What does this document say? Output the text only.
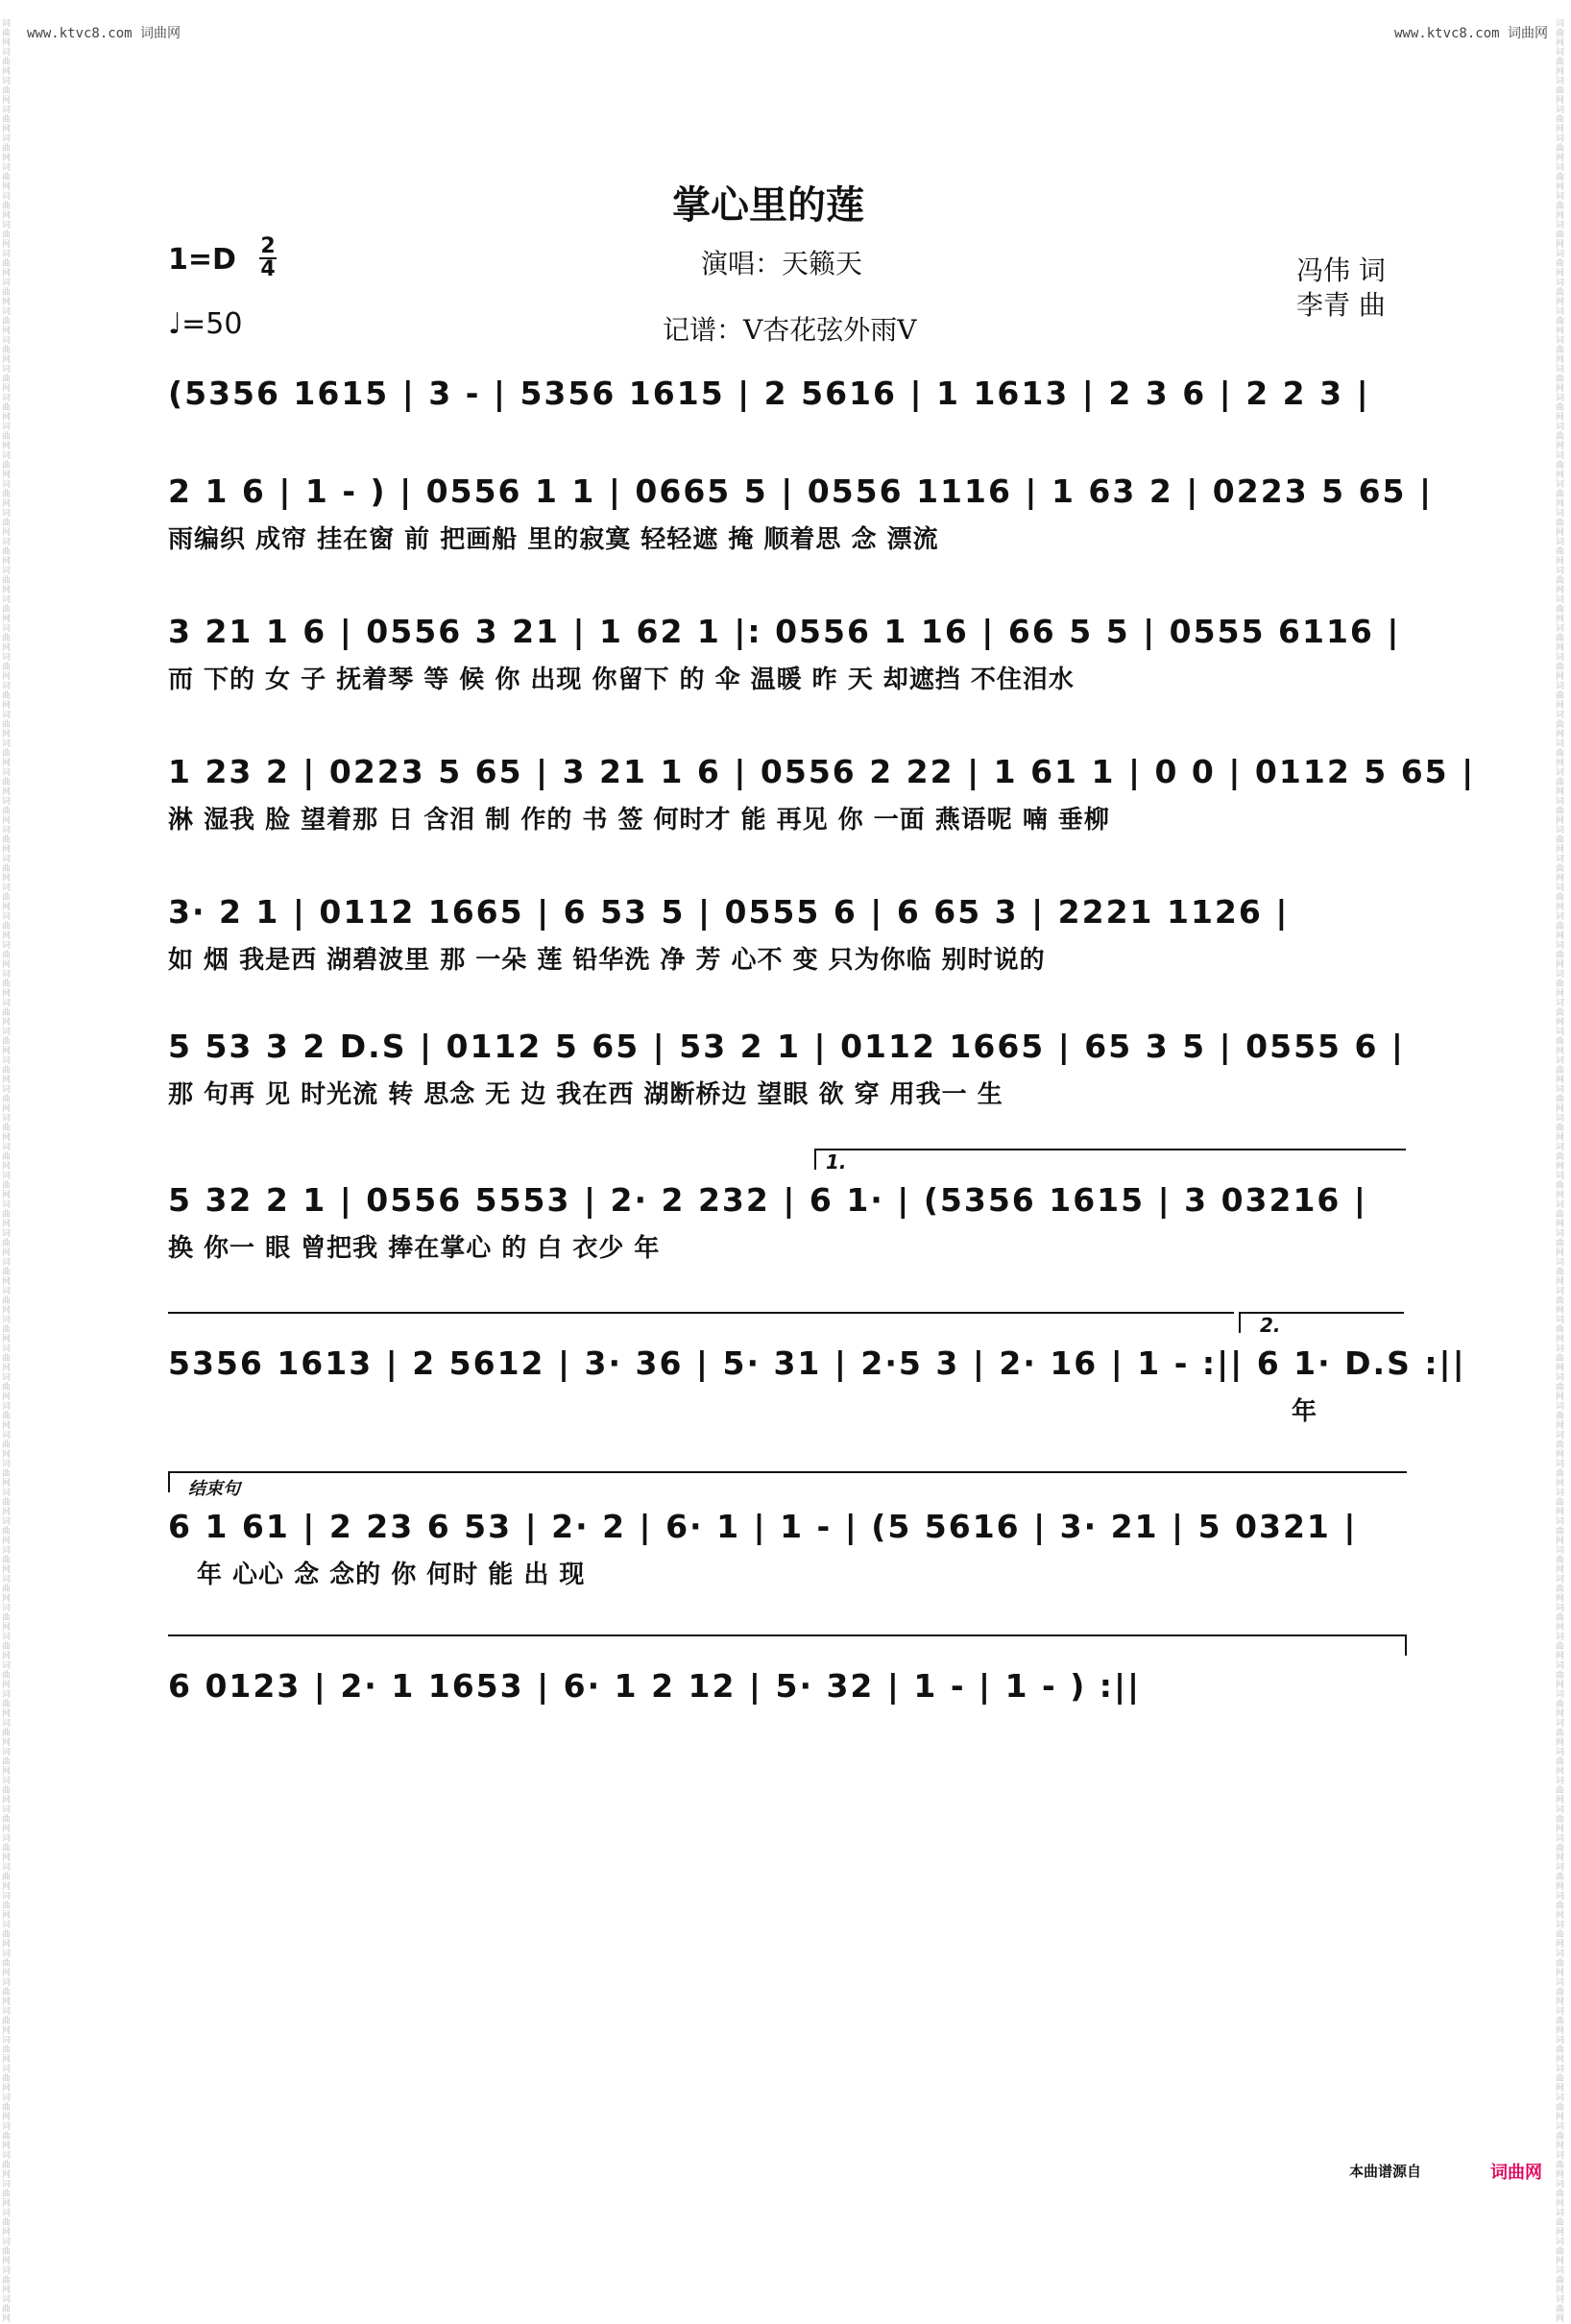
www.ktvc8.com 词曲网	www.ktvc8.com 词曲网
词曲网 词曲网 词曲网 词曲网 词曲网 词曲网 词曲网 词曲网 词曲网 词曲网 词曲网 词曲网 词曲网 词曲网 词曲网 词曲网 词曲网 词曲网 词曲网 词曲网 词曲网 词曲网 词曲网 词曲网 词曲网 词曲网 词曲网 词曲网 词曲网 词曲网 词曲网 词曲网 词曲网 词曲网 词曲网 词曲网 词曲网 词曲网 词曲网 词曲网 词曲网 词曲网 词曲网 词曲网 词曲网 词曲网 词曲网 词曲网 词曲网 词曲网 词曲网 词曲网 词曲网 词曲网 词曲网 词曲网 词曲网 词曲网 词曲网 词曲网 词曲网 词曲网 词曲网 词曲网 词曲网 词曲网 词曲网 词曲网 词曲网 词曲网 词曲网 词曲网 词曲网 词曲网 词曲网 词曲网 词曲网 词曲网 词曲网 词曲网
词曲网 词曲网 词曲网 词曲网 词曲网 词曲网 词曲网 词曲网 词曲网 词曲网 词曲网 词曲网 词曲网 词曲网 词曲网 词曲网 词曲网 词曲网 词曲网 词曲网 词曲网 词曲网 词曲网 词曲网 词曲网 词曲网 词曲网 词曲网 词曲网 词曲网 词曲网 词曲网 词曲网 词曲网 词曲网 词曲网 词曲网 词曲网 词曲网 词曲网 词曲网 词曲网 词曲网 词曲网 词曲网 词曲网 词曲网 词曲网 词曲网 词曲网 词曲网 词曲网 词曲网 词曲网 词曲网 词曲网 词曲网 词曲网 词曲网 词曲网 词曲网 词曲网 词曲网 词曲网 词曲网 词曲网 词曲网 词曲网 词曲网 词曲网 词曲网 词曲网 词曲网 词曲网 词曲网 词曲网 词曲网 词曲网 词曲网 词曲网
掌心里的莲
1=D 2
4
♩=50
演唱：天籁天
记谱：V杏花弦外雨V
冯伟 词
李青 曲
(5356 1615 | 3 - | 5356 1615 | 2 5616 | 1 1613 | 2 3 6 | 2 2 3 |
2 1 6 | 1 - ) | 0556 1 1 | 0665 5 | 0556 1116 | 1 63 2 | 0223 5 65 |
雨编织 成帘 挂在窗 前 把画船 里的寂寞 轻轻遮 掩 顺着思 念 漂流
3 21 1 6 | 0556 3 21 | 1 62 1 |: 0556 1 16 | 66 5 5 | 0555 6116 |
而 下的 女 子 抚着琴 等 候 你 出现 你留下 的 伞 温暖 昨 天 却遮挡 不住泪水
1 23 2 | 0223 5 65 | 3 21 1 6 | 0556 2 22 | 1 61 1 | 0 0 | 0112 5 65 |
淋 湿我 脸 望着那 日 含泪 制 作的 书 签 何时才 能 再见 你 一面 燕语呢 喃 垂柳
3· 2 1 | 0112 1665 | 6 53 5 | 0555 6 | 6 65 3 | 2221 1126 |
如 烟 我是西 湖碧波里 那 一朵 莲 铅华洗 净 芳 心不 变 只为你临 别时说的
5 53 3 2 D.S | 0112 5 65 | 53 2 1 | 0112 1665 | 65 3 5 | 0555 6 |
那 句再 见 时光流 转 思念 无 边 我在西 湖断桥边 望眼 欲 穿 用我一 生
1.
5 32 2 1 | 0556 5553 | 2· 2 232 | 6 1· | (5356 1615 | 3 03216 |
换 你一 眼 曾把我 捧在掌心 的 白 衣少 年
2.
5356 1613 | 2 5612 | 3· 36 | 5· 31 | 2·5 3 | 2· 16 | 1 - :|| 6 1· D.S :||
年
结束句
6 1 61 | 2 23 6 53 | 2· 2 | 6· 1 | 1 - | (5 5616 | 3· 21 | 5 0321 |
年 心心 念 念的 你 何时 能 出 现
6 0123 | 2· 1 1653 | 6· 1 2 12 | 5· 32 | 1 - | 1 - ) :||
本曲谱源自	词曲网
